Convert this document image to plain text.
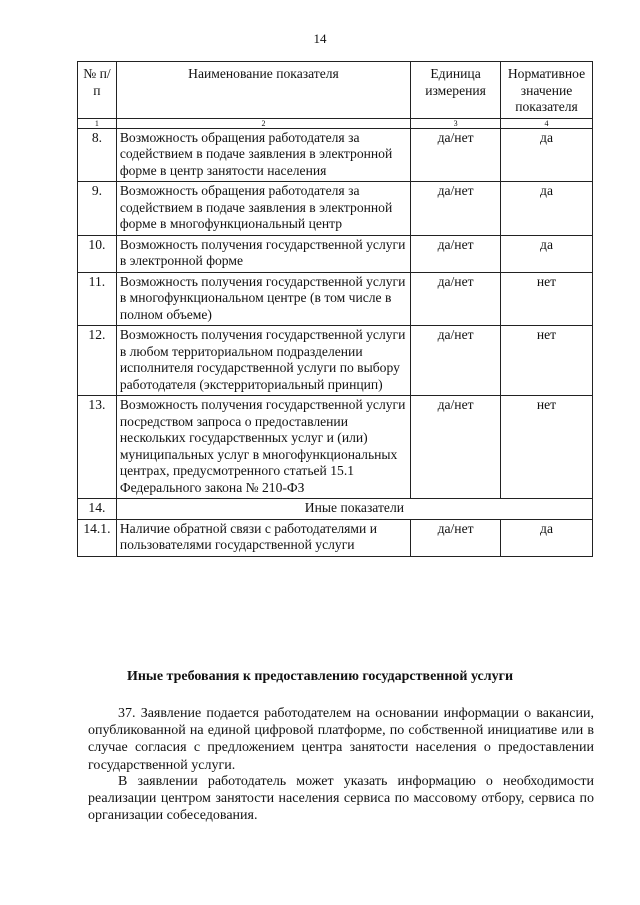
14
№ п/п	Наименование показателя	Единица измерения	Нормативное значение показателя
1	2	3	4
8.	Возможность обращения работодателя за содействием в подаче заявления в электронной форме в центр занятости населения	да/нет	да
9.	Возможность обращения работодателя за содействием в подаче заявления в электронной форме в многофункциональный центр	да/нет	да
10.	Возможность получения государственной услуги в электронной форме	да/нет	да
11.	Возможность получения государственной услуги в многофункциональном центре (в том числе в полном объеме)	да/нет	нет
12.	Возможность получения государственной услуги в любом территориальном подразделении исполнителя государственной услуги по выбору работодателя (экстерриториальный принцип)	да/нет	нет
13.	Возможность получения государственной услуги посредством запроса о предоставлении нескольких государственных услуг и (или) муниципальных услуг в многофункциональных центрах, предусмотренного статьей 15.1 Федерального закона № 210-ФЗ	да/нет	нет
14.	Иные показатели		
14.1.	Наличие обратной связи с работодателями и пользователями государственной услуги	да/нет	да
Иные требования к предоставлению государственной услуги

37. Заявление подается работодателем на основании информации о вакансии, опубликованной на единой цифровой платформе, по собственной инициативе или в случае согласия с предложением центра занятости населения о предоставлении государственной услуги.

В заявлении работодатель может указать информацию о необходимости реализации центром занятости населения сервиса по массовому отбору, сервиса по организации собеседования.
